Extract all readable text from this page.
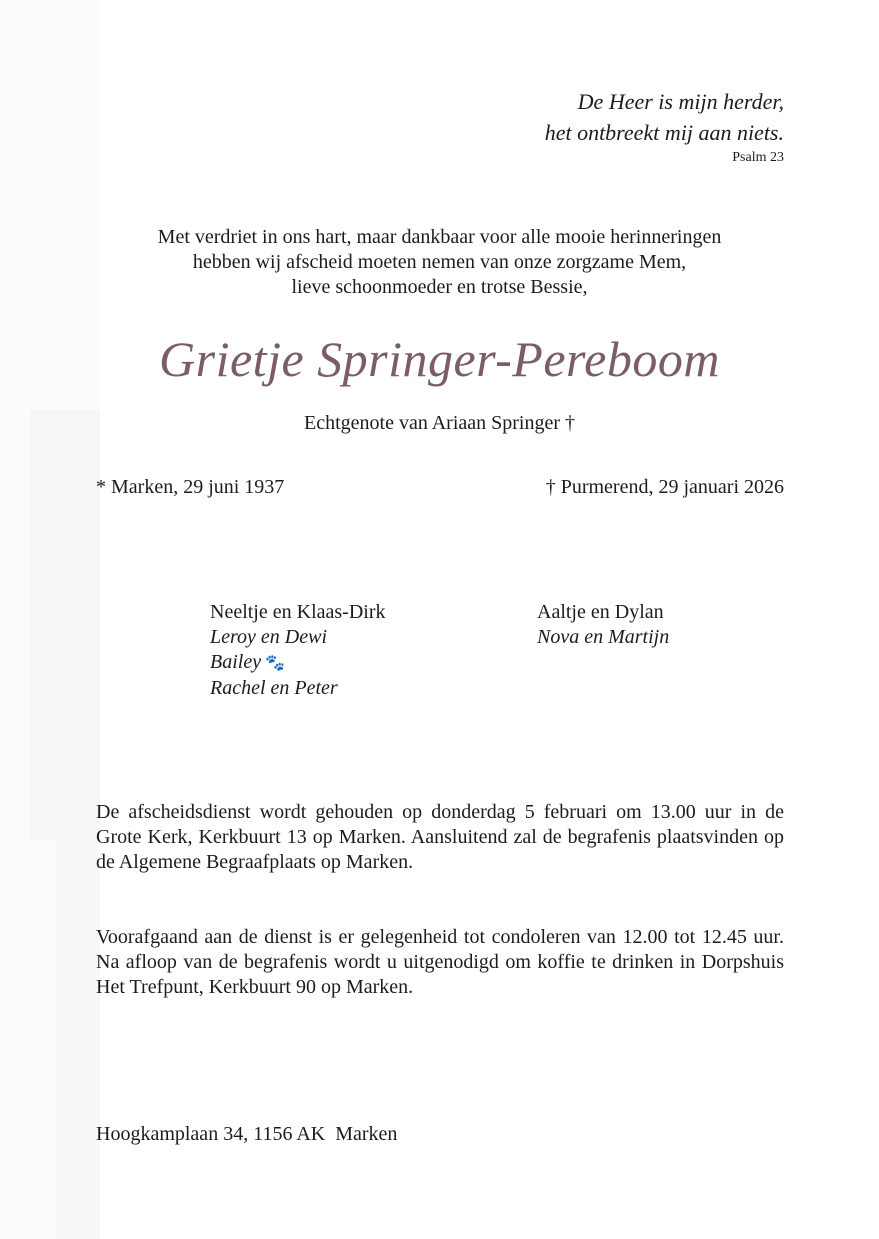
De Heer is mijn herder,
het ontbreekt mij aan niets.
Psalm 23
Met verdriet in ons hart, maar dankbaar voor alle mooie herinneringen
hebben wij afscheid moeten nemen van onze zorgzame Mem,
lieve schoonmoeder en trotse Bessie,
Grietje Springer-Pereboom
Echtgenote van Ariaan Springer †
* Marken, 29 juni 1937	† Purmerend, 29 januari 2026
Neeltje en Klaas-Dirk
Leroy en Dewi
Bailey 🐾
Rachel en Peter
Aaltje en Dylan
Nova en Martijn
De afscheidsdienst wordt gehouden op donderdag 5 februari om 13.00 uur in de Grote Kerk, Kerkbuurt 13 op Marken. Aansluitend zal de begrafenis plaatsvinden op de Algemene Begraafplaats op Marken.
Voorafgaand aan de dienst is er gelegenheid tot condoleren van 12.00 tot 12.45 uur. Na afloop van de begrafenis wordt u uitgenodigd om koffie te drinken in Dorpshuis Het Trefpunt, Kerkbuurt 90 op Marken.
Hoogkamplaan 34, 1156 AK  Marken
